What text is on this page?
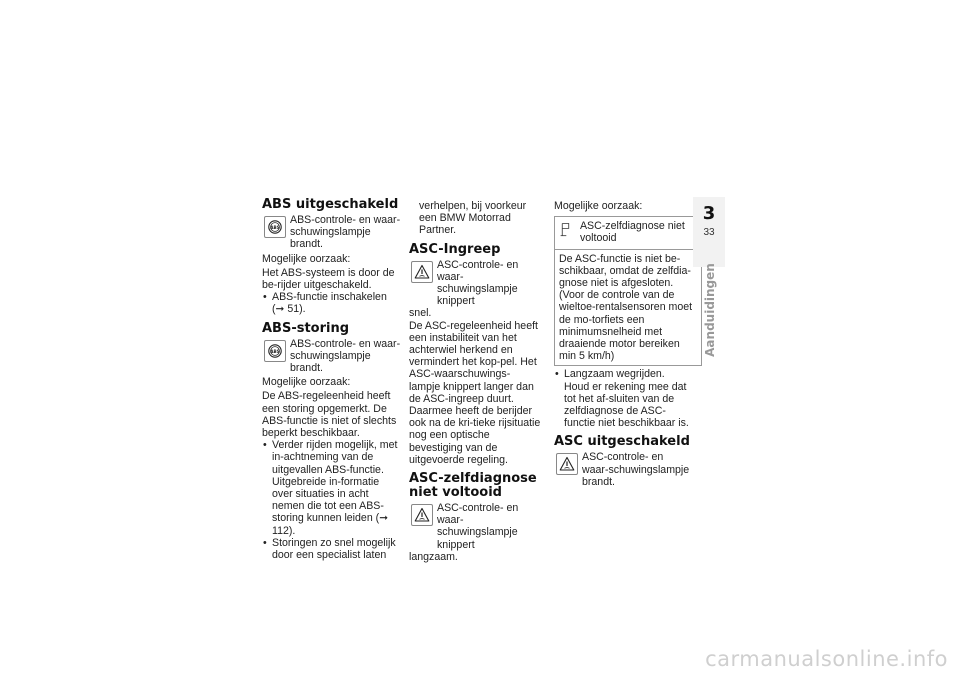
ABS uitgeschakeld
ABS
ABS-controle- en waar-schuwingslampje brandt.

Mogelijke oorzaak:

Het ABS-systeem is door de be-rijder uitgeschakeld.

• ABS-functie inschakelen
(➞ 51).
ABS-storing
ABS
ABS-controle- en waar-schuwingslampje brandt.

Mogelijke oorzaak:

De ABS-regeleenheid heeft een storing opgemerkt. De ABS-functie is niet of slechts beperkt beschikbaar.

• Verder rijden mogelijk, met in-achtneming van de uitgevallen ABS-functie. Uitgebreide in-formatie over situaties in acht nemen die tot een ABS-storing kunnen leiden (➞ 112).
• Storingen zo snel mogelijk door een specialist laten

verhelpen, bij voorkeur een BMW Motorrad Partner.

ASC-Ingreep
ASC-controle- en waar-schuwingslampje knippert

snel.

De ASC-regeleenheid heeft een instabiliteit van het achterwiel herkend en vermindert het kop-pel. Het ASC-waarschuwings-lampje knippert langer dan de ASC-ingreep duurt. Daarmee heeft de berijder ook na de kri-tieke rijsituatie nog een optische bevestiging van de uitgevoerde regeling.

ASC-zelfdiagnose niet voltooid
ASC-controle- en waar-schuwingslampje knippert

langzaam.

Mogelijke oorzaak:

ASC-zelfdiagnose niet voltooid
De ASC-functie is niet be-schikbaar, omdat de zelfdia-gnose niet is afgesloten. (Voor de controle van de wieltoe-rentalsensoren moet de mo-torfiets een minimumsnelheid met draaiende motor bereiken min 5 km/h)
• Langzaam wegrijden. Houd er rekening mee dat tot het af-sluiten van de zelfdiagnose de ASC-functie niet beschikbaar is.
ASC uitgeschakeld
ASC-controle- en waar-schuwingslampje brandt.
3
33
Aanduidingen
carmanualsonline.info
